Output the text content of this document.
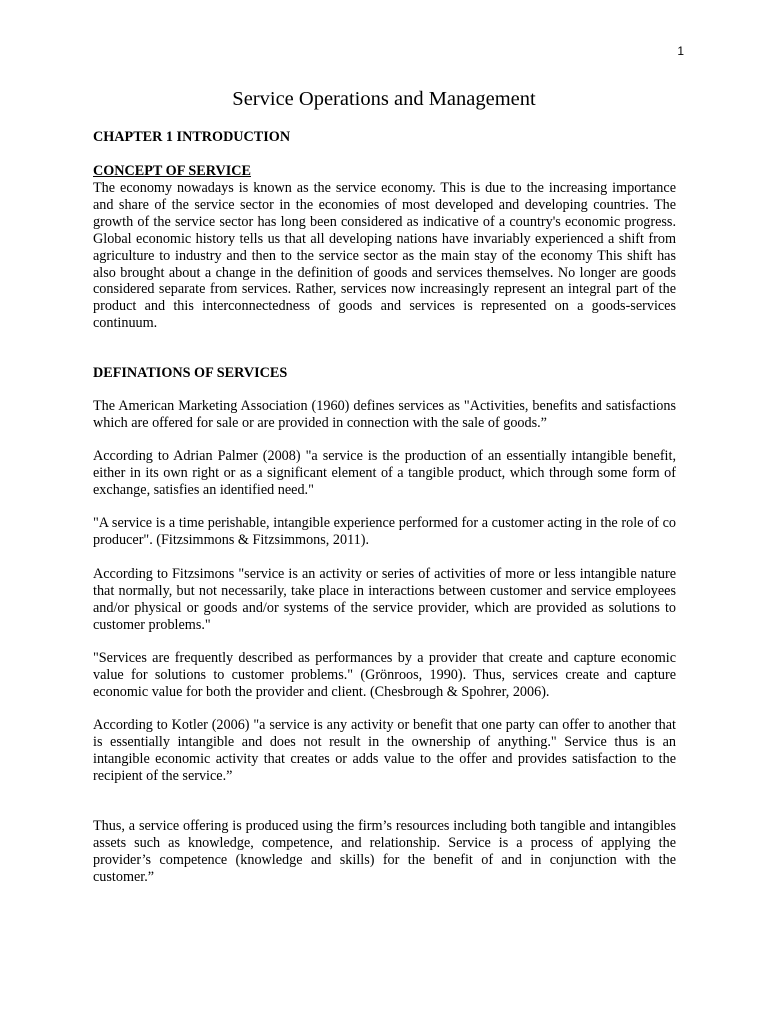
1
Service Operations and Management

CHAPTER 1 INTRODUCTION

CONCEPT OF SERVICE

The economy nowadays is known as the service economy. This is due to the increasing importance and share of the service sector in the economies of most developed and developing countries. The growth of the service sector has long been considered as indicative of a country's economic progress. Global economic history tells us that all developing nations have invariably experienced a shift from agriculture to industry and then to the service sector as the main stay of the economy This shift has also brought about a change in the definition of goods and services themselves. No longer are goods considered separate from services. Rather, services now increasingly represent an integral part of the product and this interconnectedness of goods and services is represented on a goods-services continuum.

DEFINATIONS OF SERVICES

The American Marketing Association (1960) defines services as "Activities, benefits and satisfactions which are offered for sale or are provided in connection with the sale of goods.”

According to Adrian Palmer (2008) "a service is the production of an essentially intangible benefit, either in its own right or as a significant element of a tangible product, which through some form of exchange, satisfies an identified need."

"A service is a time perishable, intangible experience performed for a customer acting in the role of co producer". (Fitzsimmons & Fitzsimmons, 2011).

According to Fitzsimons "service is an activity or series of activities of more or less intangible nature that normally, but not necessarily, take place in interactions between customer and service employees and/or physical or goods and/or systems of the service provider, which are provided as solutions to customer problems."

"Services are frequently described as performances by a provider that create and capture economic value for solutions to customer problems." (Grönroos, 1990). Thus, services create and capture economic value for both the provider and client. (Chesbrough & Spohrer, 2006).

According to Kotler (2006) "a service is any activity or benefit that one party can offer to another that is essentially intangible and does not result in the ownership of anything." Service thus is an intangible economic activity that creates or adds value to the offer and provides satisfaction to the recipient of the service.”

Thus, a service offering is produced using the firm’s resources including both tangible and intangibles assets such as knowledge, competence, and relationship. Service is a process of applying the provider’s competence (knowledge and skills) for the benefit of and in conjunction with the customer.”
